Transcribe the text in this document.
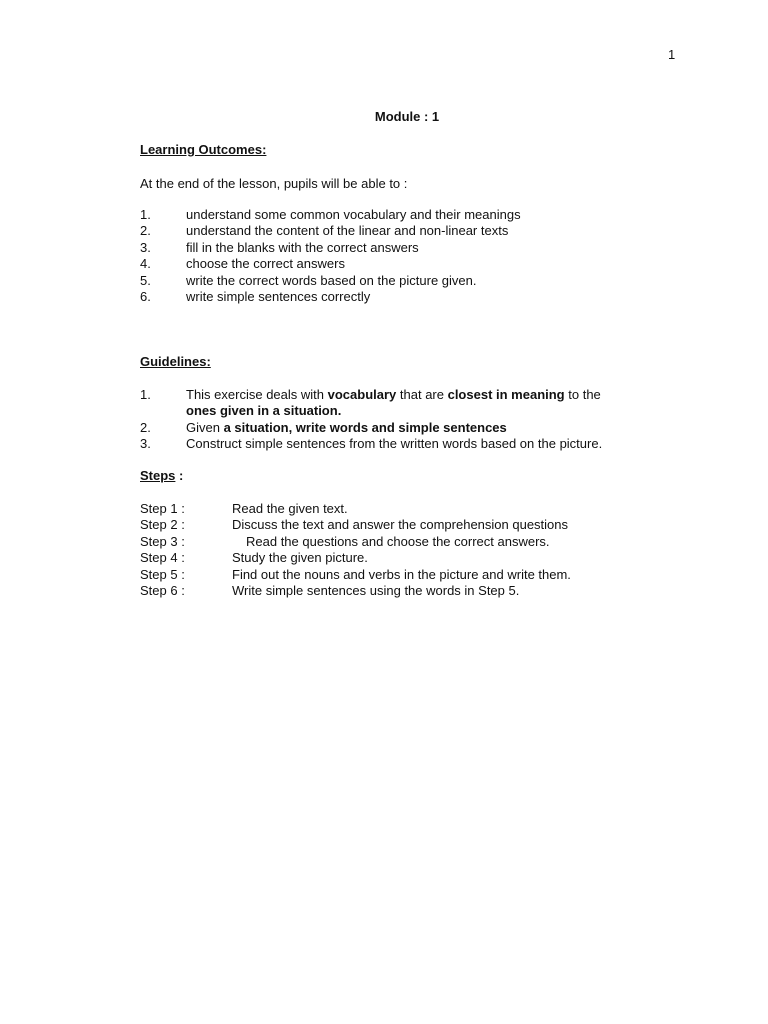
1
Module : 1
Learning Outcomes:
At the end of the lesson, pupils will be able to :
1.	understand some common vocabulary and their meanings
2.	understand the content of the linear and non-linear texts
3.	fill in the blanks with the correct answers
4.	choose the correct answers
5.	write the correct words based on the picture given.
6.	write simple sentences correctly
Guidelines:
1.	This exercise deals with vocabulary that are closest in meaning to the
ones given in a situation.
2.	Given a situation, write words and simple sentences
3.	Construct simple sentences from the written words based on the picture.
Steps :
Step 1 :	Read the given text.
Step 2 :	Discuss the text and answer the comprehension questions
Step 3 :	Read the questions and choose the correct answers.
Step 4 :	Study the given picture.
Step 5 :	Find out the nouns and verbs in the picture and write them.
Step 6 :	Write simple sentences using the words in Step 5.
